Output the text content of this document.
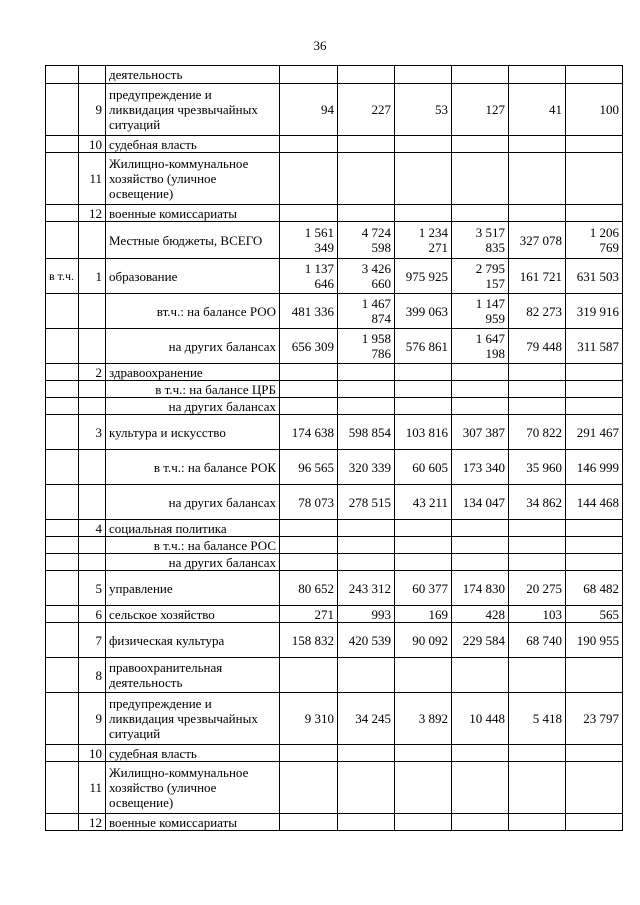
36
		деятельность						
	9	предупреждение и ликвидация чрезвычайных ситуаций	94	227	53	127	41	100
	10	судебная власть						
	11	Жилищно-коммунальное хозяйство (уличное освещение)						
	12	военные комиссариаты						
		Местные бюджеты, ВСЕГО	1 561 349	4 724 598	1 234 271	3 517 835	327 078	1 206 769
в т.ч.	1	образование	1 137 646	3 426 660	975 925	2 795 157	161 721	631 503
		вт.ч.: на балансе РОО	481 336	1 467 874	399 063	1 147 959	82 273	319 916
		на других балансах	656 309	1 958 786	576 861	1 647 198	79 448	311 587
	2	здравоохранение						
		в т.ч.: на балансе ЦРБ						
		на других балансах						
	3	культура и искусство	174 638	598 854	103 816	307 387	70 822	291 467
		в т.ч.: на балансе РОК	96 565	320 339	60 605	173 340	35 960	146 999
		на других балансах	78 073	278 515	43 211	134 047	34 862	144 468
	4	социальная политика						
		в т.ч.: на балансе РОС						
		на других балансах						
	5	управление	80 652	243 312	60 377	174 830	20 275	68 482
	6	сельское хозяйство	271	993	169	428	103	565
	7	физическая культура	158 832	420 539	90 092	229 584	68 740	190 955
	8	правоохранительная деятельность						
	9	предупреждение и ликвидация чрезвычайных ситуаций	9 310	34 245	3 892	10 448	5 418	23 797
	10	судебная власть						
	11	Жилищно-коммунальное хозяйство (уличное освещение)						
	12	военные комиссариаты						
